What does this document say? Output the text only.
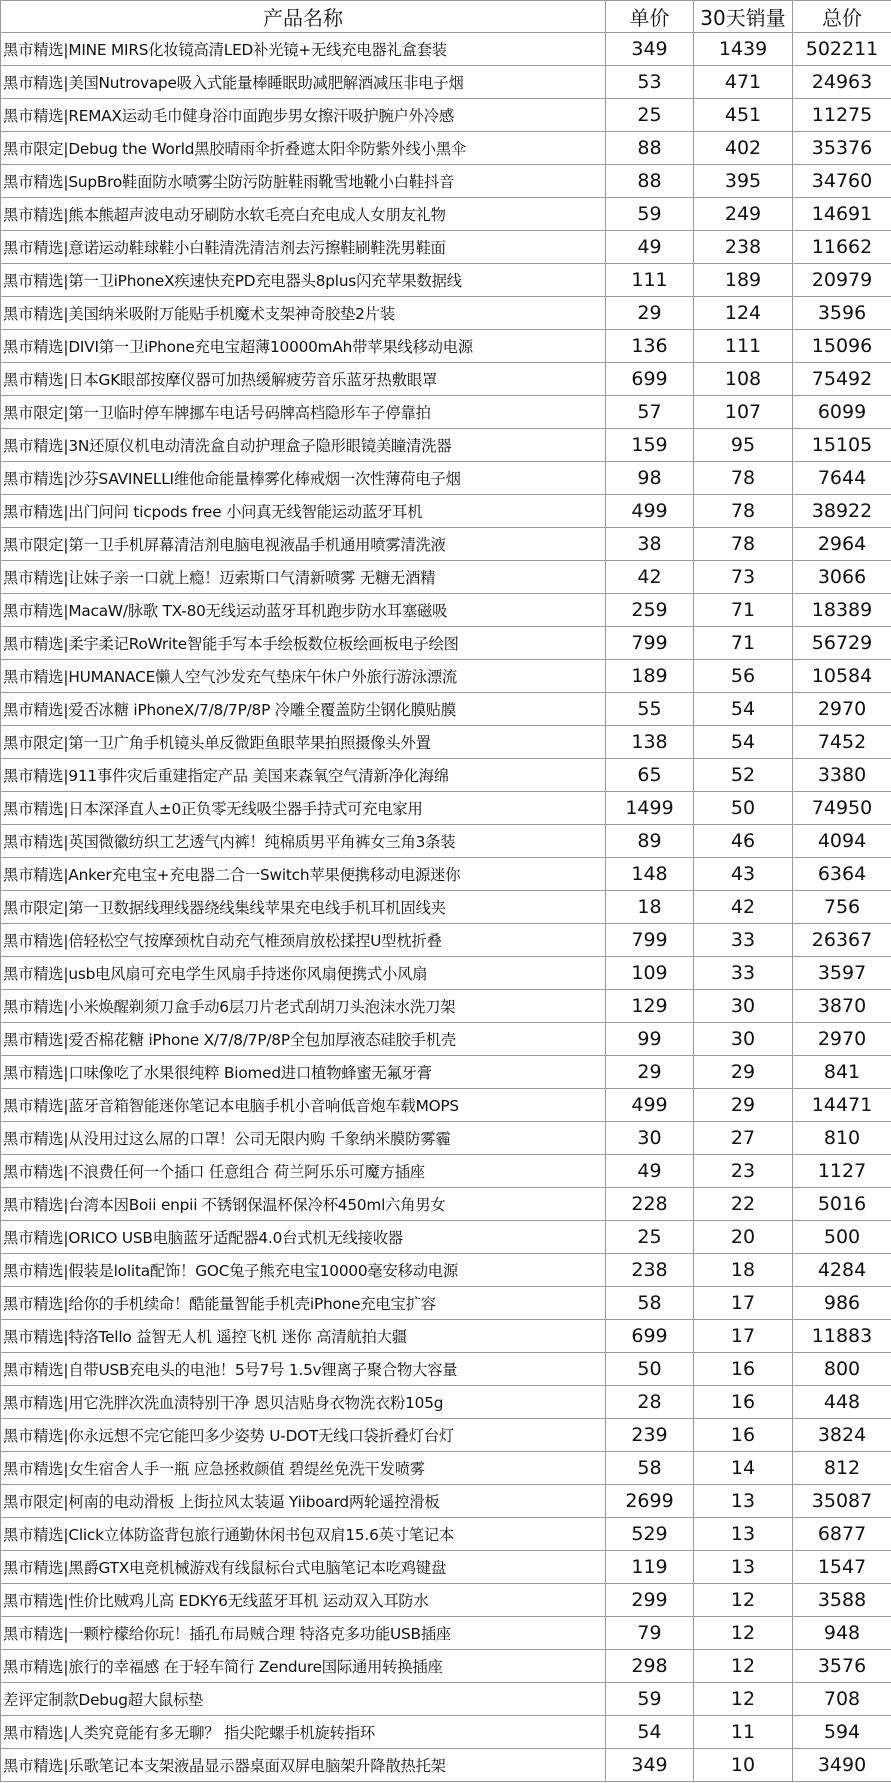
产品名称	单价	30天销量	总价
黑市精选|MINE MIRS化妆镜高清LED补光镜+无线充电器礼盒套装	349	1439	502211
黑市精选|美国Nutrovape吸入式能量棒睡眠助减肥解酒减压非电子烟	53	471	24963
黑市精选|REMAX运动毛巾健身浴巾面跑步男女擦汗吸护腕户外冷感	25	451	11275
黑市限定|Debug the World黑胶晴雨伞折叠遮太阳伞防紫外线小黑伞	88	402	35376
黑市精选|SupBro鞋面防水喷雾尘防污防脏鞋雨靴雪地靴小白鞋抖音	88	395	34760
黑市精选|熊本熊超声波电动牙刷防水软毛亮白充电成人女朋友礼物	59	249	14691
黑市精选|意诺运动鞋球鞋小白鞋清洗清洁剂去污擦鞋刷鞋洗男鞋面	49	238	11662
黑市精选|第一卫iPhoneX疾速快充PD充电器头8plus闪充苹果数据线	111	189	20979
黑市精选|美国纳米吸附万能贴手机魔术支架神奇胶垫2片装	29	124	3596
黑市精选|DIVI第一卫iPhone充电宝超薄10000mAh带苹果线移动电源	136	111	15096
黑市精选|日本GK眼部按摩仪器可加热缓解疲劳音乐蓝牙热敷眼罩	699	108	75492
黑市限定|第一卫临时停车牌挪车电话号码牌高档隐形车子停靠拍	57	107	6099
黑市精选|3N还原仪机电动清洗盒自动护理盒子隐形眼镜美瞳清洗器	159	95	15105
黑市精选|沙芬SAVINELLI维他命能量棒雾化棒戒烟一次性薄荷电子烟	98	78	7644
黑市精选|出门问问 ticpods free 小问真无线智能运动蓝牙耳机	499	78	38922
黑市限定|第一卫手机屏幕清洁剂电脑电视液晶手机通用喷雾清洗液	38	78	2964
黑市精选|让妹子亲一口就上瘾！迈索斯口气清新喷雾 无糖无酒精	42	73	3066
黑市精选|MacaW/脉歌 TX-80无线运动蓝牙耳机跑步防水耳塞磁吸	259	71	18389
黑市精选|柔宇柔记RoWrite智能手写本手绘板数位板绘画板电子绘图	799	71	56729
黑市精选|HUMANACE懒人空气沙发充气垫床午休户外旅行游泳漂流	189	56	10584
黑市精选|爱否冰糖 iPhoneX/7/8/7P/8P 冷雕全覆盖防尘钢化膜贴膜	55	54	2970
黑市限定|第一卫广角手机镜头单反微距鱼眼苹果拍照摄像头外置	138	54	7452
黑市精选|911事件灾后重建指定产品 美国来森氧空气清新净化海绵	65	52	3380
黑市精选|日本深泽直人±0正负零无线吸尘器手持式可充电家用	1499	50	74950
黑市精选|英国微徽纺织工艺透气内裤！纯棉质男平角裤女三角3条装	89	46	4094
黑市精选|Anker充电宝+充电器二合一Switch苹果便携移动电源迷你	148	43	6364
黑市限定|第一卫数据线理线器绕线集线苹果充电线手机耳机固线夹	18	42	756
黑市精选|倍轻松空气按摩颈枕自动充气椎颈肩放松揉捏U型枕折叠	799	33	26367
黑市精选|usb电风扇可充电学生风扇手持迷你风扇便携式小风扇	109	33	3597
黑市精选|小米焕醒剃须刀盒手动6层刀片老式刮胡刀头泡沫水洗刀架	129	30	3870
黑市精选|爱否棉花糖 iPhone X/7/8/7P/8P全包加厚液态硅胶手机壳	99	30	2970
黑市精选|口味像吃了水果很纯粹 Biomed进口植物蜂蜜无氟牙膏	29	29	841
黑市精选|蓝牙音箱智能迷你笔记本电脑手机小音响低音炮车载MOPS	499	29	14471
黑市精选|从没用过这么屌的口罩！公司无限内购 千象纳米膜防雾霾	30	27	810
黑市精选|不浪费任何一个插口 任意组合 荷兰阿乐乐可魔方插座	49	23	1127
黑市精选|台湾本因Boii enpii 不锈钢保温杯保冷杯450ml六角男女	228	22	5016
黑市精选|ORICO USB电脑蓝牙适配器4.0台式机无线接收器	25	20	500
黑市精选|假装是lolita配饰！GOC兔子熊充电宝10000毫安移动电源	238	18	4284
黑市精选|给你的手机续命！酷能量智能手机壳iPhone充电宝扩容	58	17	986
黑市精选|特洛Tello 益智无人机 遥控飞机 迷你 高清航拍大疆	699	17	11883
黑市精选|自带USB充电头的电池！5号7号 1.5v锂离子聚合物大容量	50	16	800
黑市精选|用它洗胖次洗血渍特别干净 恩贝洁贴身衣物洗衣粉105g	28	16	448
黑市精选|你永远想不完它能凹多少姿势 U-DOT无线口袋折叠灯台灯	239	16	3824
黑市精选|女生宿舍人手一瓶 应急拯救颜值 碧缇丝免洗干发喷雾	58	14	812
黑市限定|柯南的电动滑板 上街拉风太装逼 Yiiboard两轮遥控滑板	2699	13	35087
黑市精选|Click立体防盗背包旅行通勤休闲书包双肩15.6英寸笔记本	529	13	6877
黑市精选|黑爵GTX电竞机械游戏有线鼠标台式电脑笔记本吃鸡键盘	119	13	1547
黑市精选|性价比贼鸡儿高 EDKY6无线蓝牙耳机 运动双入耳防水	299	12	3588
黑市精选|一颗柠檬给你玩！插孔布局贼合理 特洛克多功能USB插座	79	12	948
黑市精选|旅行的幸福感 在于轻车简行 Zendure国际通用转换插座	298	12	3576
差评定制款Debug超大鼠标垫	59	12	708
黑市精选|人类究竟能有多无聊？ 指尖陀螺手机旋转指环	54	11	594
黑市精选|乐歌笔记本支架液晶显示器桌面双屏电脑架升降散热托架	349	10	3490
